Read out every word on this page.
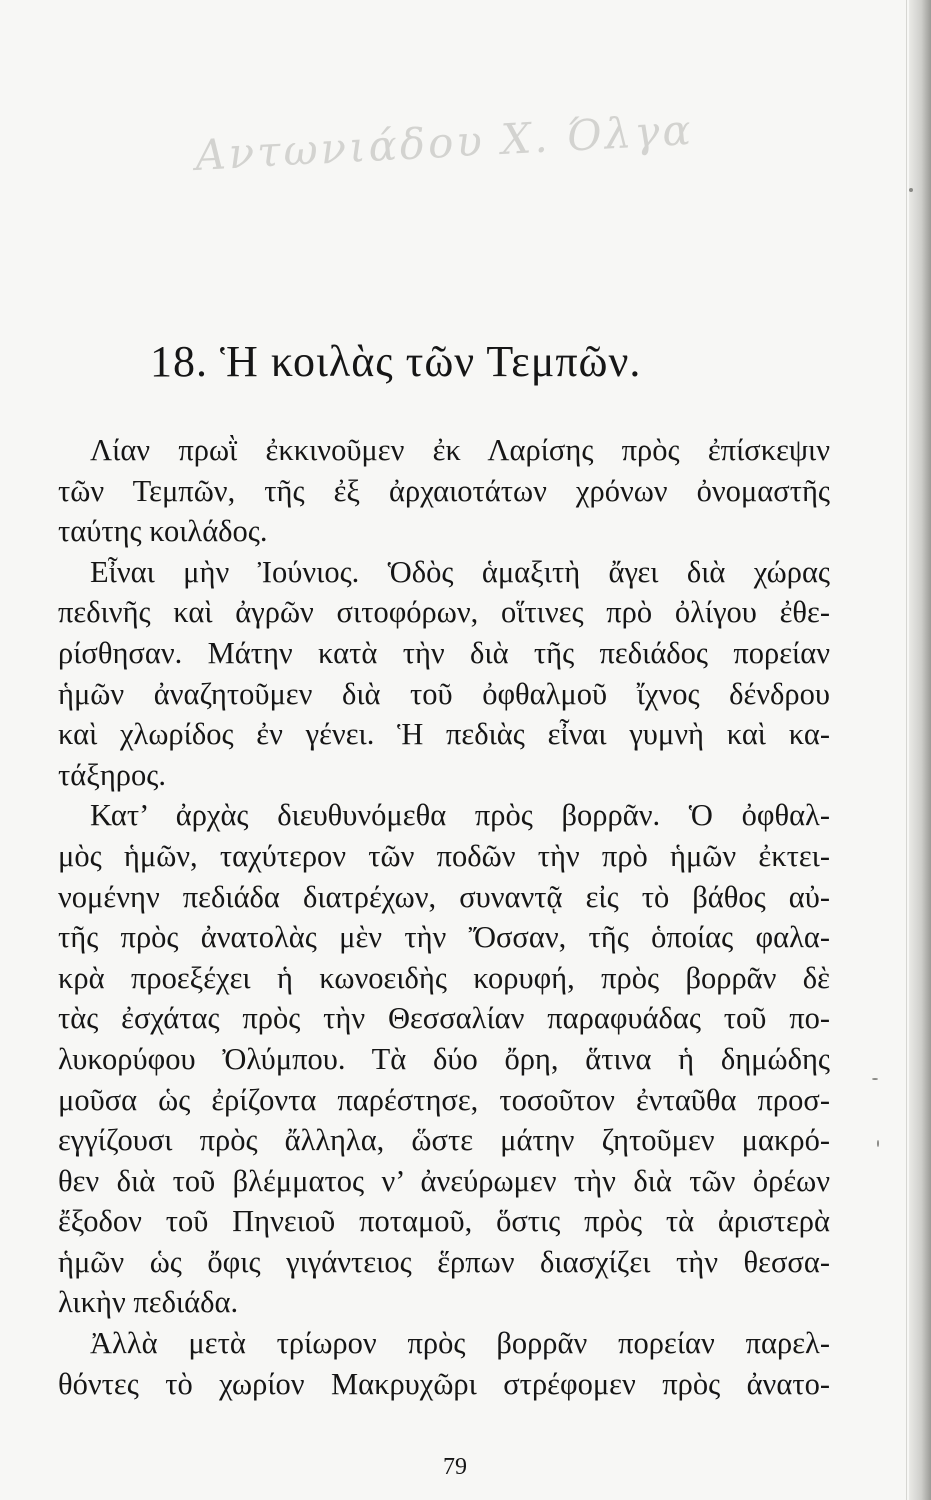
Αντωνιάδου Χ. Όλγα
18. Ἡ κοιλὰς τῶν Τεμπῶν.
Λίαν πρωῒ ἐκκινοῦμεν ἐκ Λαρίσης πρὸς ἐπίσκεψιν
τῶν Τεμπῶν, τῆς ἐξ ἀρχαιοτάτων χρόνων ὀνομαστῆς
ταύτης κοιλάδος.
Εἶναι μὴν Ἰούνιος. Ὁδὸς ἁμαξιτὴ ἄγει διὰ χώρας
πεδινῆς καὶ ἀγρῶν σιτοφόρων, οἵτινες πρὸ ὀλίγου ἐθε-
ρίσθησαν. Μάτην κατὰ τὴν διὰ τῆς πεδιάδος πορείαν
ἡμῶν ἀναζητοῦμεν διὰ τοῦ ὀφθαλμοῦ ἴχνος δένδρου
καὶ χλωρίδος ἐν γένει. Ἡ πεδιὰς εἶναι γυμνὴ καὶ κα-
τάξηρος.
Κατ’ ἀρχὰς διευθυνόμεθα πρὸς βορρᾶν. Ὁ ὀφθαλ-
μὸς ἡμῶν, ταχύτερον τῶν ποδῶν τὴν πρὸ ἡμῶν ἐκτει-
νομένην πεδιάδα διατρέχων, συναντᾷ εἰς τὸ βάθος αὐ-
τῆς πρὸς ἀνατολὰς μὲν τὴν Ὄσσαν, τῆς ὁποίας φαλα-
κρὰ προεξέχει ἡ κωνοειδὴς κορυφή, πρὸς βορρᾶν δὲ
τὰς ἐσχάτας πρὸς τὴν Θεσσαλίαν παραφυάδας τοῦ πο-
λυκορύφου Ὀλύμπου. Τὰ δύο ὄρη, ἅτινα ἡ δημώδης
μοῦσα ὡς ἐρίζοντα παρέστησε, τοσοῦτον ἐνταῦθα προσ-
εγγίζουσι πρὸς ἄλληλα, ὥστε μάτην ζητοῦμεν μακρό-
θεν διὰ τοῦ βλέμματος ν’ ἀνεύρωμεν τὴν διὰ τῶν ὀρέων
ἔξοδον τοῦ Πηνειοῦ ποταμοῦ, ὅστις πρὸς τὰ ἀριστερὰ
ἡμῶν ὡς ὄφις γιγάντειος ἕρπων διασχίζει τὴν θεσσα-
λικὴν πεδιάδα.
Ἀλλὰ μετὰ τρίωρον πρὸς βορρᾶν πορείαν παρελ-
θόντες τὸ χωρίον Μακρυχῶρι στρέφομεν πρὸς ἀνατο-
79
